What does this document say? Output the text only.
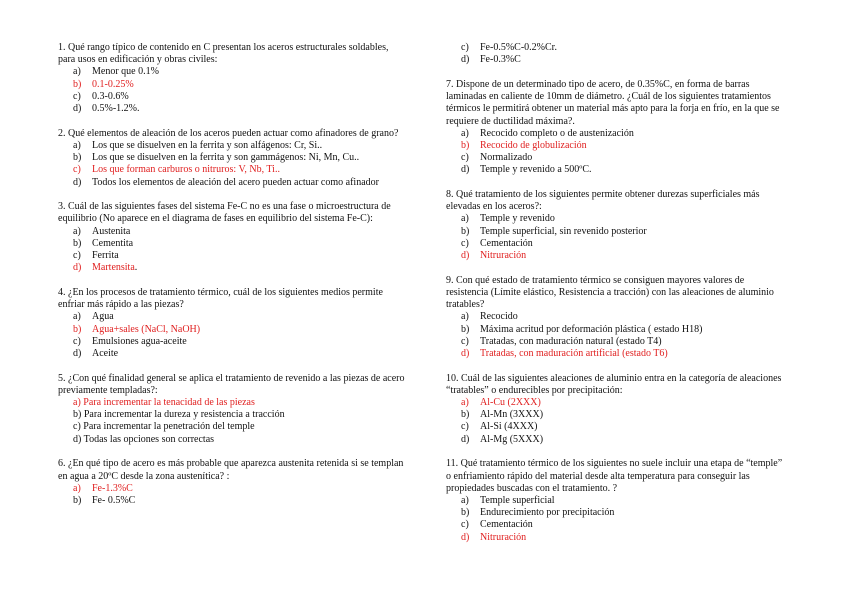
1. Qué rango típico de contenido en C presentan los aceros estructurales soldables, para usos en edificación y obras civiles:

a) Menor que 0.1%
b) 0.1-0.25%
c) 0.3-0.6%
d) 0.5%-1.2%.

2. Qué elementos de aleación de los aceros pueden actuar como afinadores de grano?

a) Los que se disuelven en la ferrita y son alfágenos: Cr, Si..
b) Los que se disuelven en la ferrita y son gammágenos: Ni, Mn, Cu..
c) Los que forman carburos o nitruros: V, Nb, Ti..
d) Todos los elementos de aleación del acero pueden actuar como afinador

3. Cuál de las siguientes fases del sistema Fe-C no es una fase o microestructura de equilibrio (No aparece en el diagrama de fases en equilibrio del sistema Fe-C):

a) Austenita
b) Cementita
c) Ferrita
d) Martensita.

4. ¿En los procesos de tratamiento térmico, cuál de los siguientes medios permite enfriar más rápido a las piezas?

a) Agua
b) Agua+sales (NaCl, NaOH)
c) Emulsiones agua-aceite
d) Aceite

5. ¿Con qué finalidad general se aplica el tratamiento de revenido a las piezas de acero previamente templadas?:

a) Para incrementar la tenacidad de las piezas
b) Para incrementar la dureza y resistencia a tracción
c) Para incrementar la penetración del temple
d) Todas las opciones son correctas

6. ¿En qué tipo de acero es más probable que aparezca austenita retenida si se templan en agua a 20ºC desde la zona austenítica? :

a) Fe-1.3%C
b) Fe- 0.5%C
c) Fe-0.5%C-0.2%Cr.
d) Fe-0.3%C

7. Dispone de un determinado tipo de acero, de 0.35%C, en forma de barras laminadas en caliente de 10mm de diámetro. ¿Cuál de los siguientes tratamientos térmicos le permitirá obtener un material más apto para la forja en frío, en la que se requiere de ductilidad máxima?.

a) Recocido completo o de austenización
b) Recocido de globulización
c) Normalizado
d) Temple y revenido a 500ºC.

8. Qué tratamiento de los siguientes permite obtener durezas superficiales más elevadas en los aceros?:

a) Temple y revenido
b) Temple superficial, sin revenido posterior
c) Cementación
d) Nitruración

9. Con qué estado de tratamiento térmico se consiguen mayores valores de resistencia (Límite elástico, Resistencia a tracción) con las aleaciones de aluminio tratables?

a) Recocido
b) Máxima acritud por deformación plástica ( estado H18)
c) Tratadas, con maduración natural (estado T4)
d) Tratadas, con maduración artificial (estado T6)

10. Cuál de las siguientes aleaciones de aluminio entra en la categoría de aleaciones “tratables” o endurecibles por precipitación:

a) Al-Cu (2XXX)
b) Al-Mn (3XXX)
c) Al-Si (4XXX)
d) Al-Mg (5XXX)

11. Qué tratamiento térmico de los siguientes no suele incluir una etapa de “temple” o enfriamiento rápido del material desde alta temperatura para conseguir las propiedades buscadas con el tratamiento. ?

a) Temple superficial
b) Endurecimiento por precipitación
c) Cementación
d) Nitruración
